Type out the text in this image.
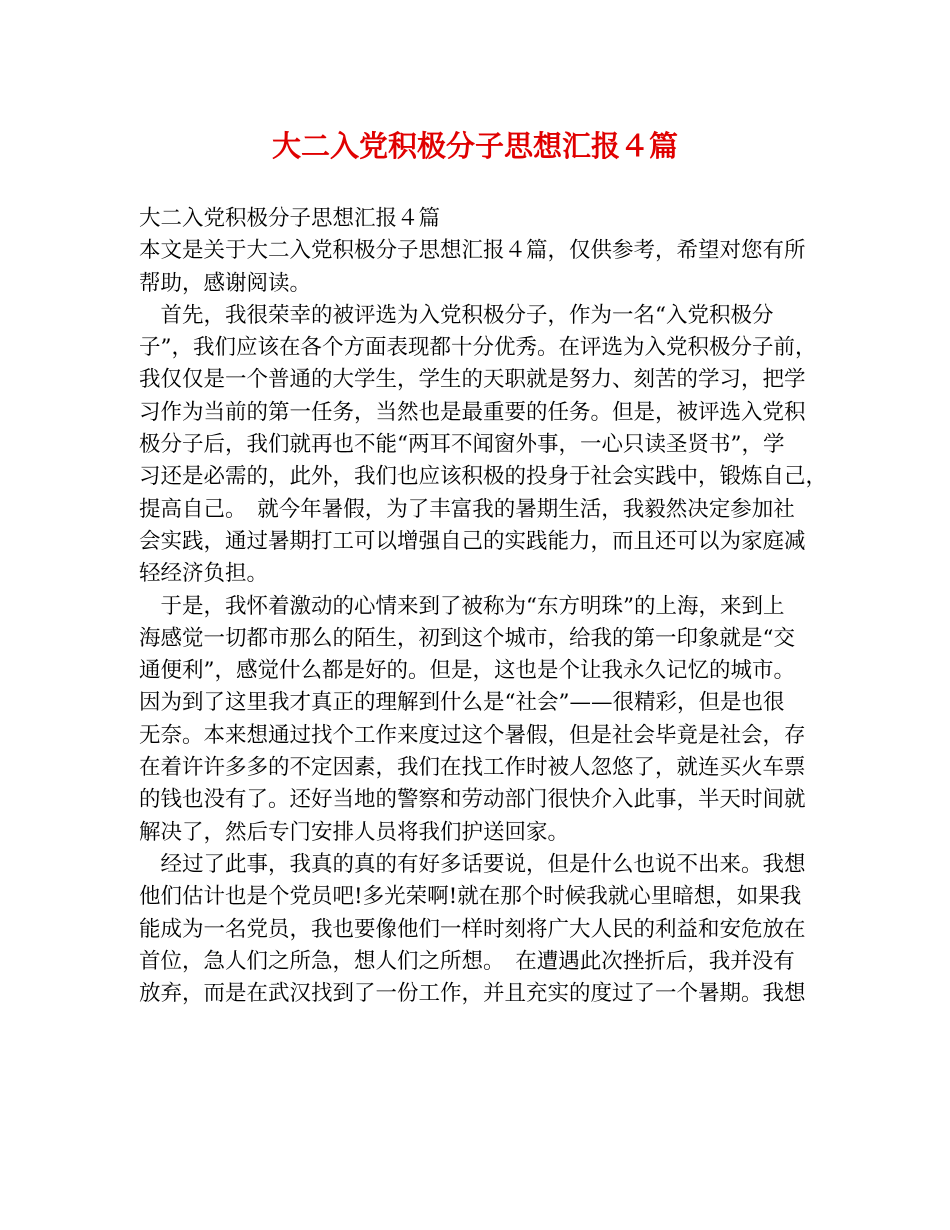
大二入党积极分子思想汇报４篇
大二入党积极分子思想汇报４篇
本文是关于大二入党积极分子思想汇报４篇，仅供参考，希望对您有所
帮助，感谢阅读。
　首先，我很荣幸的被评选为入党积极分子，作为一名“入党积极分
子”，我们应该在各个方面表现都十分优秀。在评选为入党积极分子前，
我仅仅是一个普通的大学生，学生的天职就是努力、刻苦的学习，把学
习作为当前的第一任务，当然也是最重要的任务。但是，被评选入党积
极分子后，我们就再也不能“两耳不闻窗外事，一心只读圣贤书”，学
习还是必需的，此外，我们也应该积极的投身于社会实践中，锻炼自己，
提高自己。　就今年暑假，为了丰富我的暑期生活，我毅然决定参加社
会实践，通过暑期打工可以增强自己的实践能力，而且还可以为家庭减
轻经济负担。
　于是，我怀着激动的心情来到了被称为“东方明珠”的上海，来到上
海感觉一切都市那么的陌生，初到这个城市，给我的第一印象就是“交
通便利”，感觉什么都是好的。但是，这也是个让我永久记忆的城市。
因为到了这里我才真正的理解到什么是“社会”——很精彩，但是也很
无奈。本来想通过找个工作来度过这个暑假，但是社会毕竟是社会，存
在着许许多多的不定因素，我们在找工作时被人忽悠了，就连买火车票
的钱也没有了。还好当地的警察和劳动部门很快介入此事，半天时间就
解决了，然后专门安排人员将我们护送回家。
　经过了此事，我真的真的有好多话要说，但是什么也说不出来。我想
他们估计也是个党员吧!多光荣啊!就在那个时候我就心里暗想，如果我
能成为一名党员，我也要像他们一样时刻将广大人民的利益和安危放在
首位，急人们之所急，想人们之所想。　在遭遇此次挫折后，我并没有
放弃，而是在武汉找到了一份工作，并且充实的度过了一个暑期。我想
